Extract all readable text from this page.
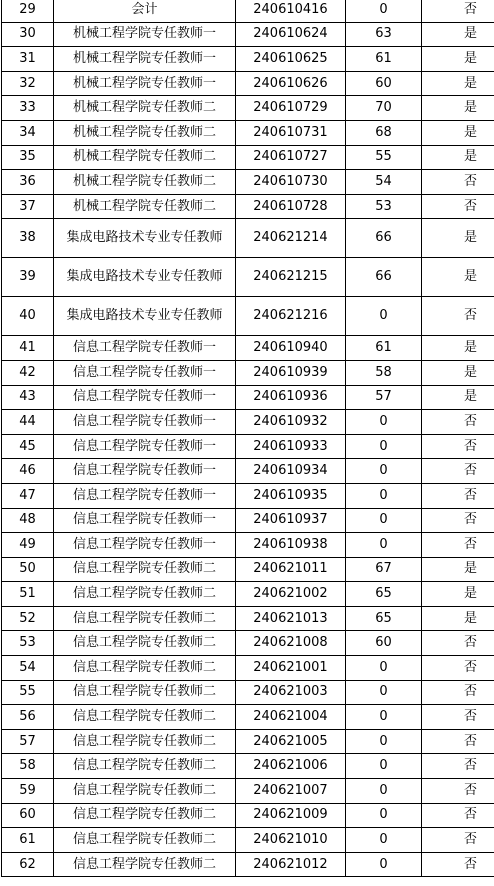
29	会计	240610416	0	否
30	机械工程学院专任教师一	240610624	63	是
31	机械工程学院专任教师一	240610625	61	是
32	机械工程学院专任教师一	240610626	60	是
33	机械工程学院专任教师二	240610729	70	是
34	机械工程学院专任教师二	240610731	68	是
35	机械工程学院专任教师二	240610727	55	是
36	机械工程学院专任教师二	240610730	54	否
37	机械工程学院专任教师二	240610728	53	否
38	集成电路技术专业专任教师	240621214	66	是
39	集成电路技术专业专任教师	240621215	66	是
40	集成电路技术专业专任教师	240621216	0	否
41	信息工程学院专任教师一	240610940	61	是
42	信息工程学院专任教师一	240610939	58	是
43	信息工程学院专任教师一	240610936	57	是
44	信息工程学院专任教师一	240610932	0	否
45	信息工程学院专任教师一	240610933	0	否
46	信息工程学院专任教师一	240610934	0	否
47	信息工程学院专任教师一	240610935	0	否
48	信息工程学院专任教师一	240610937	0	否
49	信息工程学院专任教师一	240610938	0	否
50	信息工程学院专任教师二	240621011	67	是
51	信息工程学院专任教师二	240621002	65	是
52	信息工程学院专任教师二	240621013	65	是
53	信息工程学院专任教师二	240621008	60	否
54	信息工程学院专任教师二	240621001	0	否
55	信息工程学院专任教师二	240621003	0	否
56	信息工程学院专任教师二	240621004	0	否
57	信息工程学院专任教师二	240621005	0	否
58	信息工程学院专任教师二	240621006	0	否
59	信息工程学院专任教师二	240621007	0	否
60	信息工程学院专任教师二	240621009	0	否
61	信息工程学院专任教师二	240621010	0	否
62	信息工程学院专任教师二	240621012	0	否
